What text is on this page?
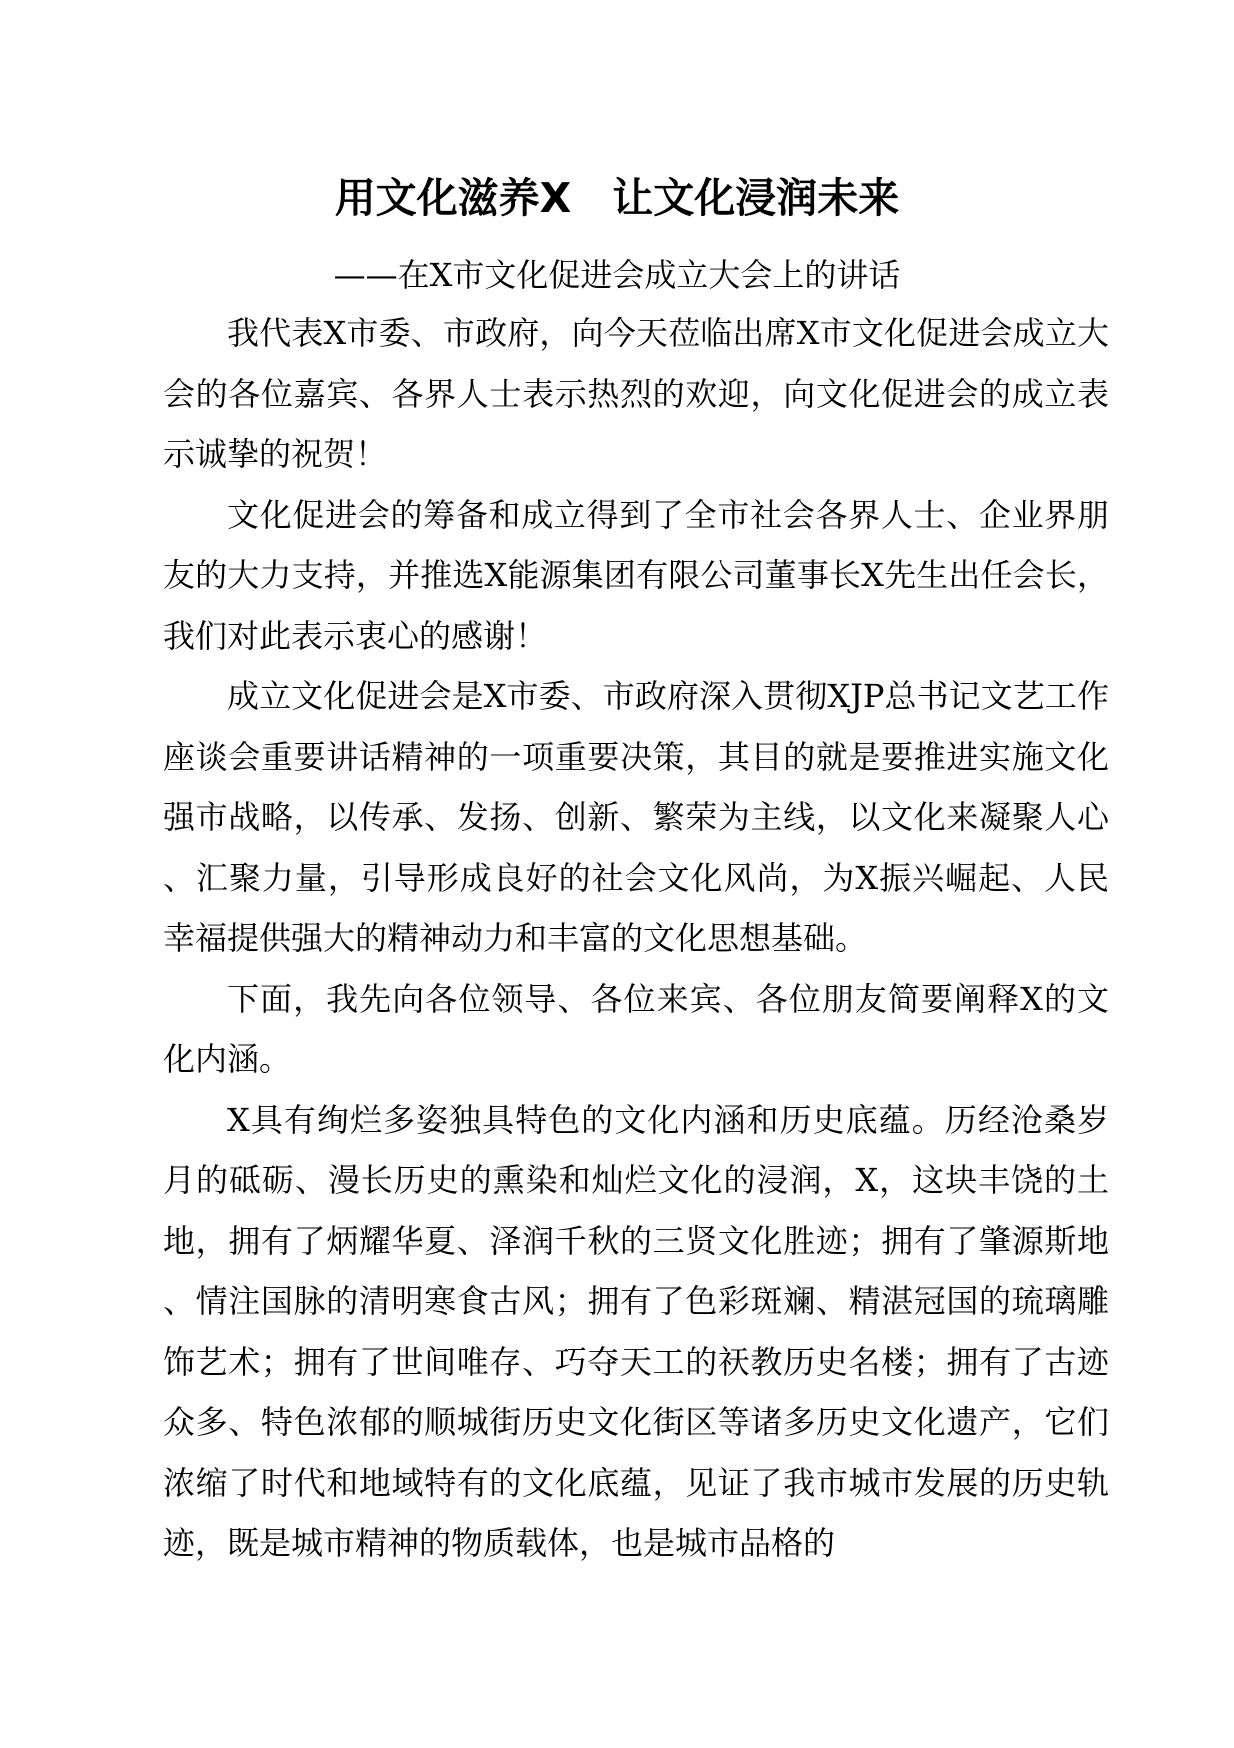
用文化滋养X　让文化浸润未来
——在X市文化促进会成立大会上的讲话

我代表X市委、市政府，向今天莅临出席X市文化促进会成立大会的各位嘉宾、各界人士表示热烈的欢迎，向文化促进会的成立表示诚挚的祝贺！

文化促进会的筹备和成立得到了全市社会各界人士、企业界朋友的大力支持，并推选X能源集团有限公司董事长X先生出任会长，我们对此表示衷心的感谢！

成立文化促进会是X市委、市政府深入贯彻XJP总书记文艺工作座谈会重要讲话精神的一项重要决策，其目的就是要推进实施文化强市战略，以传承、发扬、创新、繁荣为主线，以文化来凝聚人心、汇聚力量，引导形成良好的社会文化风尚，为X振兴崛起、人民幸福提供强大的精神动力和丰富的文化思想基础。

下面，我先向各位领导、各位来宾、各位朋友简要阐释X的文化内涵。

X具有绚烂多姿独具特色的文化内涵和历史底蕴。历经沧桑岁月的砥砺、漫长历史的熏染和灿烂文化的浸润，X，这块丰饶的土地，拥有了炳耀华夏、泽润千秋的三贤文化胜迹；拥有了肇源斯地、情注国脉的清明寒食古风；拥有了色彩斑斓、精湛冠国的琉璃雕饰艺术；拥有了世间唯存、巧夺天工的祆教历史名楼；拥有了古迹众多、特色浓郁的顺城街历史文化街区等诸多历史文化遗产，它们浓缩了时代和地域特有的文化底蕴，见证了我市城市发展的历史轨迹，既是城市精神的物质载体，也是城市品格的
